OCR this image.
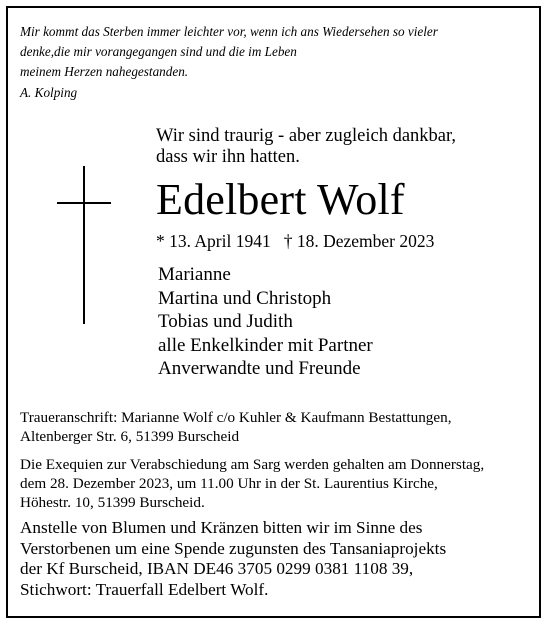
Mir kommt das Sterben immer leichter vor, wenn ich ans Wiedersehen so vieler
denke,die mir vorangegangen sind und die im Leben
meinem Herzen nahegestanden.
A. Kolping
Wir sind traurig - aber zugleich dankbar,
dass wir ihn hatten.
Edelbert Wolf
* 13. April 1941 † 18. Dezember 2023
Marianne
Martina und Christoph
Tobias und Judith
alle Enkelkinder mit Partner
Anverwandte und Freunde
Traueranschrift: Marianne Wolf c/o Kuhler & Kaufmann Bestattungen,
Altenberger Str. 6, 51399 Burscheid
Die Exequien zur Verabschiedung am Sarg werden gehalten am Donnerstag,
dem 28. Dezember 2023, um 11.00 Uhr in der St. Laurentius Kirche,
Höhestr. 10, 51399 Burscheid.
Anstelle von Blumen und Kränzen bitten wir im Sinne des
Verstorbenen um eine Spende zugunsten des Tansaniaprojekts
der Kf Burscheid, IBAN DE46 3705 0299 0381 1108 39,
Stichwort: Trauerfall Edelbert Wolf.
